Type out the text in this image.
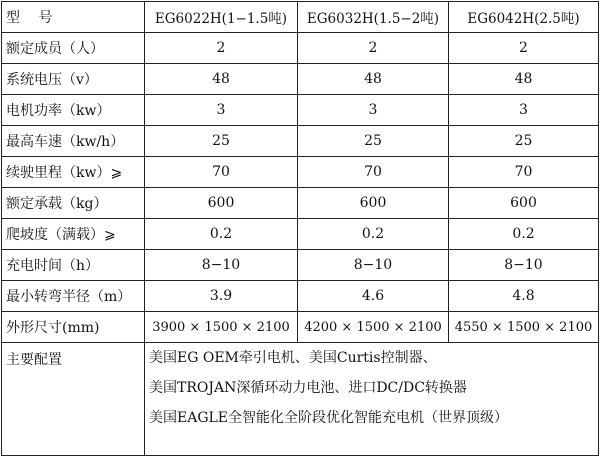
型　 号	EG6022H(1−1.5吨)	EG6032H(1.5−2吨)	EG6042H(2.5吨)
额定成员（人）	2	2	2
系统电压（v）	48	48	48
电机功率（kw）	3	3	3
最高车速（kw/h）	25	25	25
续驶里程（kw）⩾	70	70	70
额定承载（kg）	600	600	600
爬坡度（满载）⩾	0.2	0.2	0.2
充电时间（h）	8−10	8−10	8−10
最小转弯半径（m）	3.9	4.6	4.8
外形尺寸(mm)	3900 × 1500 × 2100	4200 × 1500 × 2100	4550 × 1500 × 2100
主要配置	美国EG OEM牵引电机、美国Curtis控制器、
美国TROJAN深循环动力电池、进口DC/DC转换器
美国EAGLE全智能化全阶段优化智能充电机（世界顶级）		
